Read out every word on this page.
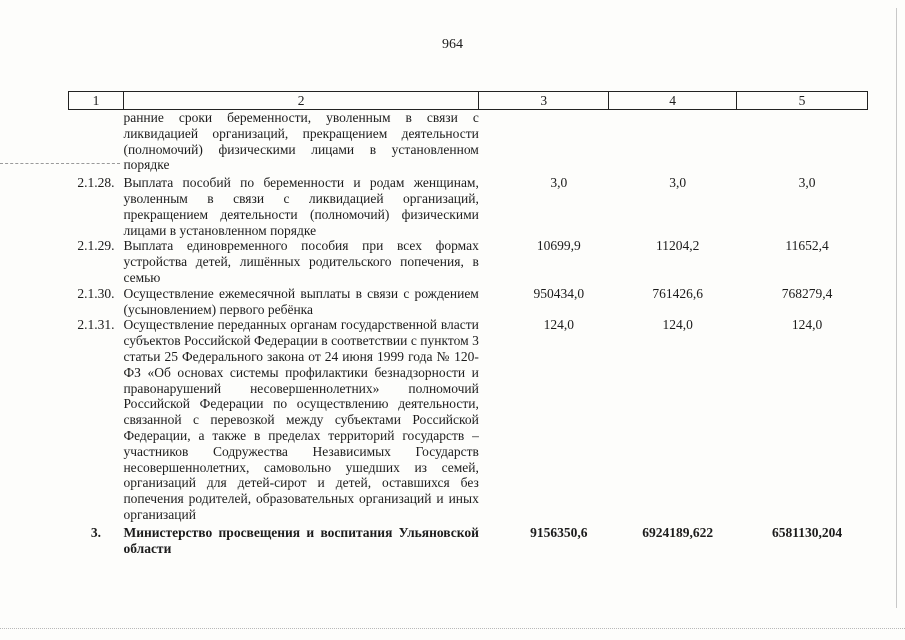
964
1	2	3	4	5
	ранние сроки беременности, уволенным в связи с ликвидацией организаций, прекращением деятельности (полномочий) физическими лицами в установленном порядке			
2.1.28.	Выплата пособий по беременности и родам женщинам, уволенным в связи с ликвидацией организаций, прекращением деятельности (полномочий) физическими лицами в установленном порядке	3,0	3,0	3,0
2.1.29.	Выплата единовременного пособия при всех формах устройства детей, лишённых родительского попечения, в семью	10699,9	11204,2	11652,4
2.1.30.	Осуществление ежемесячной выплаты в связи с рождением (усыновлением) первого ребёнка	950434,0	761426,6	768279,4
2.1.31.	Осуществление переданных органам государственной власти субъектов Российской Федерации в соответствии с пунктом 3 статьи 25 Федерального закона от 24 июня 1999 года № 120-ФЗ «Об основах системы профилактики безнадзорности и правонарушений несовершеннолетних» полномочий Российской Федерации по осуществлению деятельности, связанной с перевозкой между субъектами Российской Федерации, а также в пределах территорий государств – участников Содружества Независимых Государств несовершеннолетних, самовольно ушедших из семей, организаций для детей-сирот и детей, оставшихся без попечения родителей, образовательных организаций и иных организаций	124,0	124,0	124,0
3.	Министерство просвещения и воспитания Ульяновской области	9156350,6	6924189,622	6581130,204
